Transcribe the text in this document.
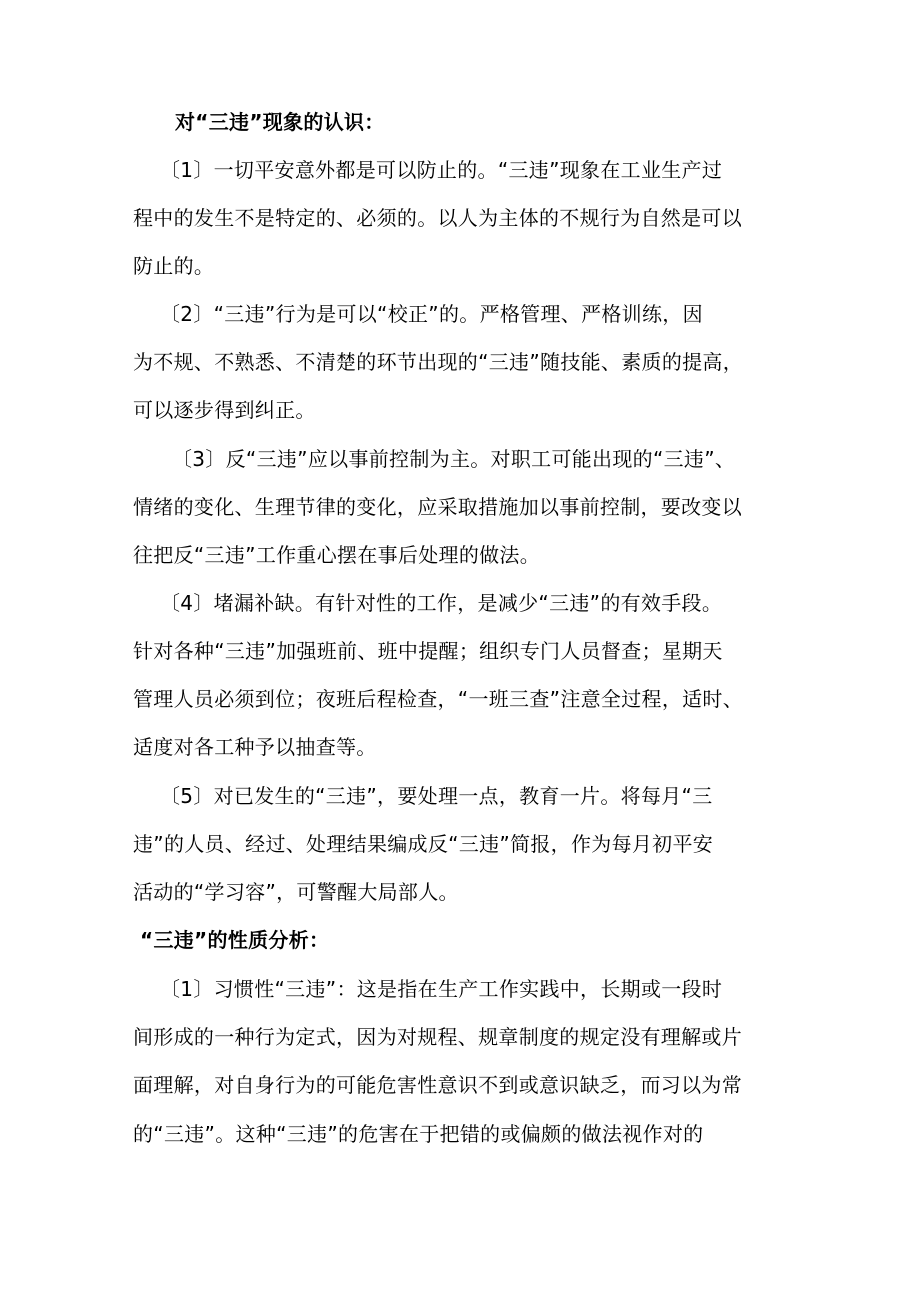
对“三违”现象的认识：
〔1〕一切平安意外都是可以防止的。“三违”现象在工业生产过
程中的发生不是特定的、必须的。以人为主体的不规行为自然是可以
防止的。
〔2〕“三违”行为是可以“校正”的。严格管理、严格训练，因
为不规、不熟悉、不清楚的环节出现的“三违”随技能、素质的提高，
可以逐步得到纠正。
〔3〕反“三违”应以事前控制为主。对职工可能出现的“三违”、
情绪的变化、生理节律的变化，应采取措施加以事前控制，要改变以
往把反“三违”工作重心摆在事后处理的做法。
〔4〕堵漏补缺。有针对性的工作，是减少“三违”的有效手段。
针对各种“三违”加强班前、班中提醒；组织专门人员督查；星期天
管理人员必须到位；夜班后程检查，“一班三查”注意全过程，适时、
适度对各工种予以抽查等。
〔5〕对已发生的“三违”，要处理一点，教育一片。将每月“三
违”的人员、经过、处理结果编成反“三违”简报，作为每月初平安
活动的“学习容”，可警醒大局部人。
“三违”的性质分析：
〔1〕习惯性“三违”：这是指在生产工作实践中，长期或一段时
间形成的一种行为定式，因为对规程、规章制度的规定没有理解或片
面理解，对自身行为的可能危害性意识不到或意识缺乏，而习以为常
的“三违”。这种“三违”的危害在于把错的或偏颇的做法视作对的
